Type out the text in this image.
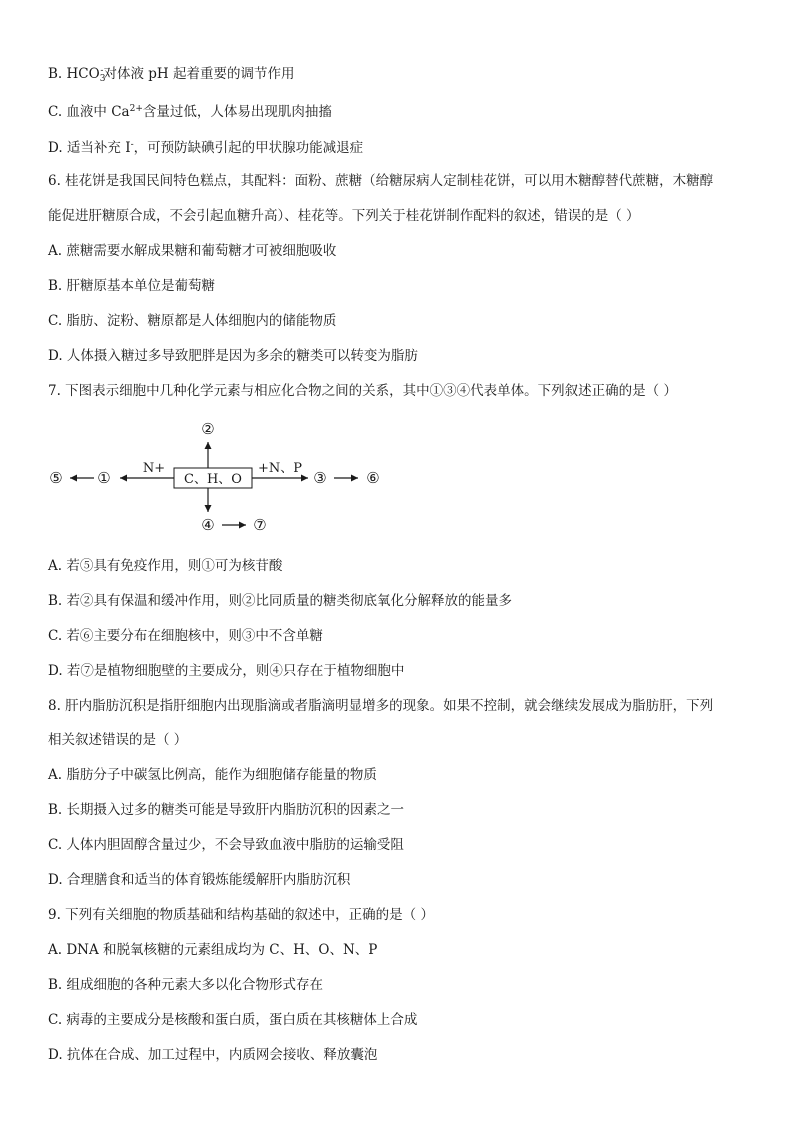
B. $HCO_3^-$对体液 pH 起着重要的调节作用
C. 血液中 $Ca^{2+}$含量过低，人体易出现肌肉抽搐
D. 适当补充 I-，可预防缺碘引起的甲状腺功能减退症
6. 桂花饼是我国民间特色糕点，其配料：面粉、蔗糖（给糖尿病人定制桂花饼，可以用木糖醇替代蔗糖，木糖醇
能促进肝糖原合成，不会引起血糖升高）、桂花等。下列关于桂花饼制作配料的叙述，错误的是（ ）
A. 蔗糖需要水解成果糖和葡萄糖才可被细胞吸收
B. 肝糖原基本单位是葡萄糖
C. 脂肪、淀粉、糖原都是人体细胞内的储能物质
D. 人体摄入糖过多导致肥胖是因为多余的糖类可以转变为脂肪
7. 下图表示细胞中几种化学元素与相应化合物之间的关系，其中①③④代表单体。下列叙述正确的是（ ）
C、H、O
②
N+
①
⑤
+N、P
③	⑥
④	⑦
A. 若⑤具有免疫作用，则①可为核苷酸
B. 若②具有保温和缓冲作用，则②比同质量的糖类彻底氧化分解释放的能量多
C. 若⑥主要分布在细胞核中，则③中不含单糖
D. 若⑦是植物细胞壁的主要成分，则④只存在于植物细胞中
8. 肝内脂肪沉积是指肝细胞内出现脂滴或者脂滴明显增多的现象。如果不控制，就会继续发展成为脂肪肝，下列
相关叙述错误的是（ ）
A. 脂肪分子中碳氢比例高，能作为细胞储存能量的物质
B. 长期摄入过多的糖类可能是导致肝内脂肪沉积的因素之一
C. 人体内胆固醇含量过少，不会导致血液中脂肪的运输受阻
D. 合理膳食和适当的体育锻炼能缓解肝内脂肪沉积
9. 下列有关细胞的物质基础和结构基础的叙述中，正确的是（ ）
A. DNA 和脱氧核糖的元素组成均为 C、H、O、N、P
B. 组成细胞的各种元素大多以化合物形式存在
C. 病毒的主要成分是核酸和蛋白质，蛋白质在其核糖体上合成
D. 抗体在合成、加工过程中，内质网会接收、释放囊泡
